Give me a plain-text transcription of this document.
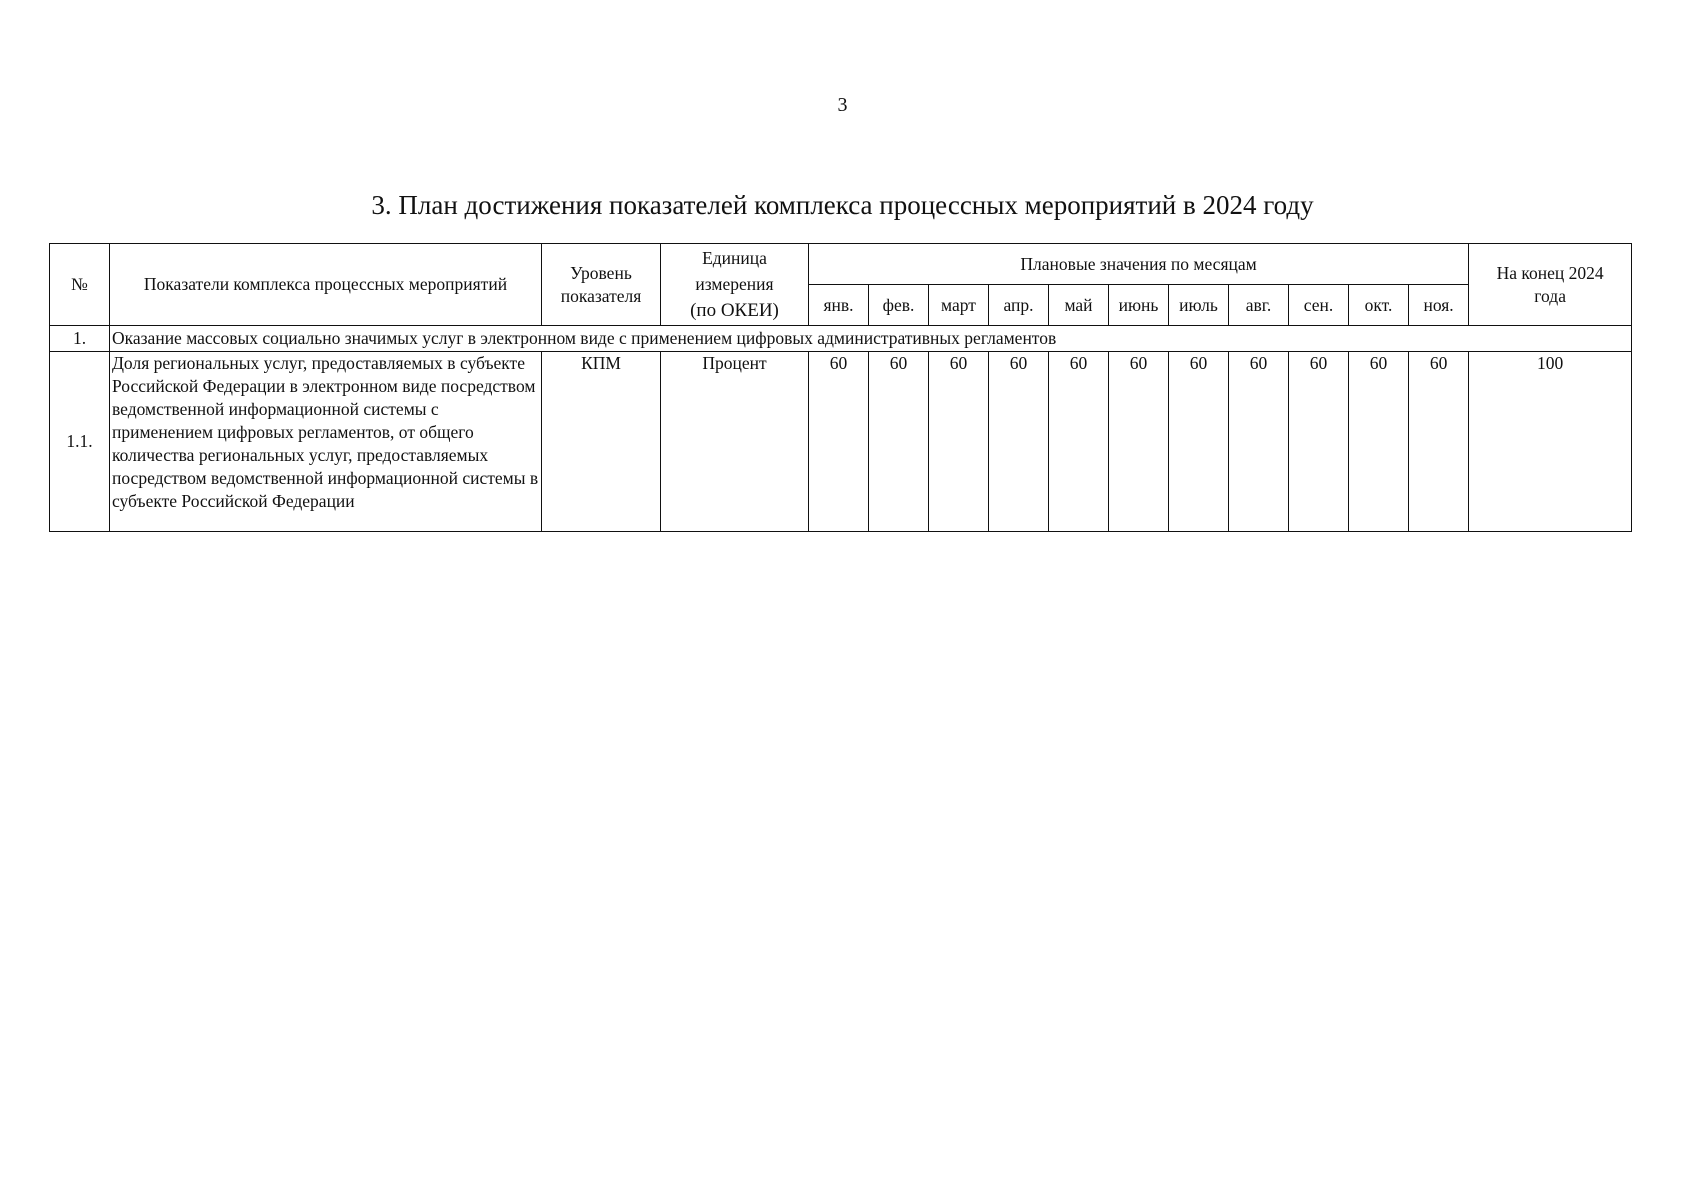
3
3. План достижения показателей комплекса процессных мероприятий в 2024 году
№	Показатели комплекса процессных мероприятий	Уровень показателя	Единица
измерения
(по ОКЕИ)	Плановые значения по месяцам											На конец 2024 года
				янв.	фев.	март	апр.	май	июнь	июль	авг.	сен.	окт.	ноя.	
1.	Оказание массовых социально значимых услуг в электронном виде с применением цифровых административных регламентов														
1.1.	Доля региональных услуг, предоставляемых в субъекте Российской Федерации в электронном виде посредством ведомственной информационной системы с применением цифровых регламентов, от общего количества региональных услуг, предоставляемых посредством ведомственной информационной системы в субъекте Российской Федерации	КПМ	Процент	60	60	60	60	60	60	60	60	60	60	60	100
